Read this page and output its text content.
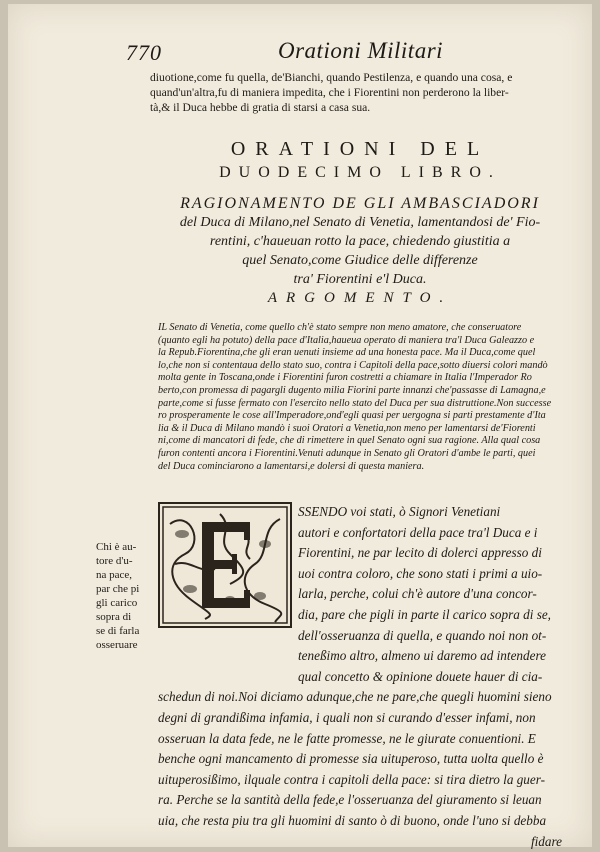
770	Orationi Militari
diuotione,come fu quella, de'Bianchi, quando Pestilenza, e quando una cosa, e
quand'un'altra,fu di maniera impedita, che i Fiorentini non perderono la liber-
tà,& il Duca hebbe di gratia di starsi a casa sua.
ORATIONI DEL
DUODECIMO LIBRO.
RAGIONAMENTO DE GLI AMBASCIADORI
del Duca di Milano,nel Senato di Venetia, lamentandosi de' Fio-
rentini, c'haueuan rotto la pace, chiedendo giustitia a
quel Senato,come Giudice delle differenze
tra' Fiorentini e'l Duca.
ARGOMENTO.
IL Senato di Venetia, come quello ch'è stato sempre non meno amatore, che conseruatore
(quanto egli ha potuto) della pace d'Italia,haueua operato di maniera tra'l Duca Galeazzo e
la Repub.Fiorentina,che gli eran uenuti insieme ad una honesta pace. Ma il Duca,come quel
lo,che non si contentaua dello stato suo, contra i Capitoli della pace,sotto diuersi colori mandò
molta gente in Toscana,onde i Fiorentini furon costretti a chiamare in Italia l'Imperador Ro
berto,con promessa di pagargli dugento milia Fiorini parte innanzi che'passasse di Lamagna,e
parte,come si fusse fermato con l'esercito nello stato del Duca per sua distruttione.Non successe
ro prosperamente le cose all'Imperadore,ond'egli quasi per uergogna si parti prestamente d'Ita
lia & il Duca di Milano mandò i suoi Oratori a Venetia,non meno per lamentarsi de'Fiorenti
ni,come di mancatori di fede, che di rimettere in quel Senato ogni sua ragione. Alla qual cosa
furon contenti ancora i Fiorentini.Venuti adunque in Senato gli Oratori d'ambe le parti, quei
del Duca cominciarono a lamentarsi,e dolersi di questa maniera.
Chi è au-
tore d'u-
na pace,
par che pi
gli carico
sopra di
se di farla
osseruare
SSENDO voi stati, ò Signori Venetiani
autori e confortatori della pace tra'l Duca e i
Fiorentini, ne par lecito di dolerci appresso di
uoi contra coloro, che sono stati i primi a uio-
larla, perche, colui ch'è autore d'una concor-
dia, pare che pigli in parte il carico sopra di se,
dell'osseruanza di quella, e quando noi non ot-
teneßimo altro, almeno ui daremo ad intendere
qual concetto & opinione douete hauer di cia-
schedun di noi.Noi diciamo adunque,che ne pare,che quegli huomini sieno
degni di grandißima infamia, i quali non si curando d'esser infami, non
osseruan la data fede, ne le fatte promesse, ne le giurate conuentioni. E
benche ogni mancamento di promesse sia uituperoso, tutta uolta quello è
uituperosißimo, ilquale contra i capitoli della pace: si tira dietro la guer-
ra. Perche se la santità della fede,e l'osseruanza del giuramento si leuan
uia, che resta piu tra gli huomini di santo ò di buono, onde l'uno si debba
fidare
